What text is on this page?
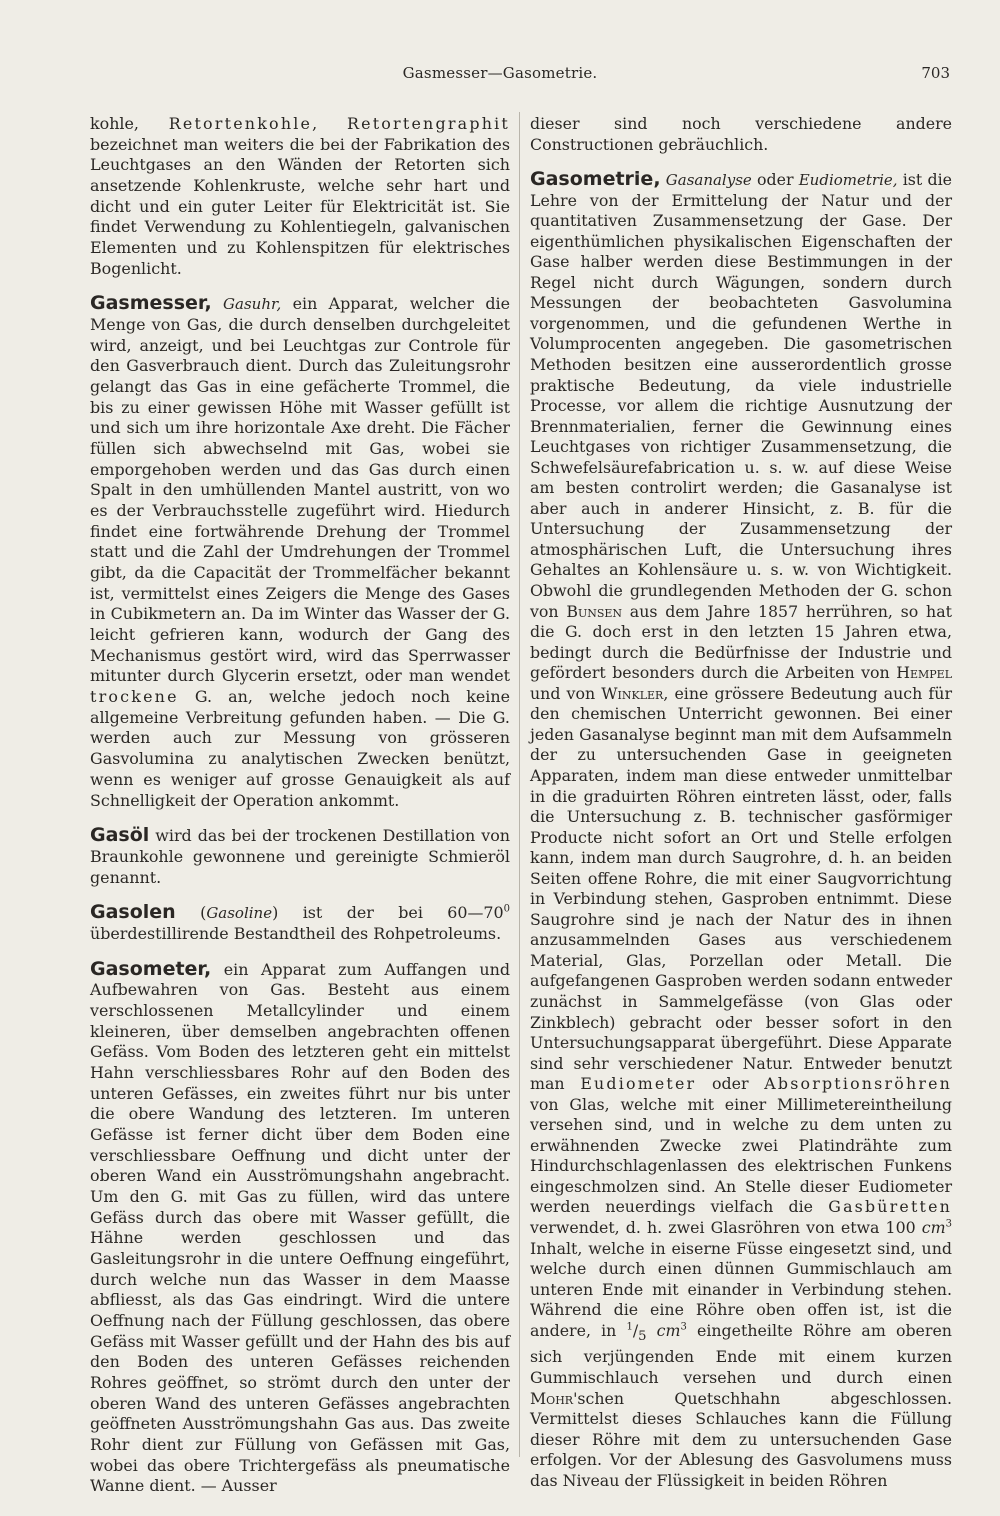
Gasmesser—Gasometrie.	703

kohle, Retortenkohle, Retortengraphit bezeichnet man weiters die bei der Fabrikation des Leuchtgases an den Wänden der Retorten sich ansetzende Kohlenkruste, welche sehr hart und dicht und ein guter Leiter für Elektricität ist. Sie findet Verwendung zu Kohlentiegeln, galvanischen Elementen und zu Kohlenspitzen für elektrisches Bogenlicht.

Gasmesser, Gasuhr, ein Apparat, welcher die Menge von Gas, die durch denselben durchgeleitet wird, anzeigt, und bei Leuchtgas zur Controle für den Gasverbrauch dient. Durch das Zuleitungsrohr gelangt das Gas in eine gefächerte Trommel, die bis zu einer gewissen Höhe mit Wasser gefüllt ist und sich um ihre horizontale Axe dreht. Die Fächer füllen sich abwechselnd mit Gas, wobei sie emporgehoben werden und das Gas durch einen Spalt in den umhüllenden Mantel austritt, von wo es der Verbrauchsstelle zugeführt wird. Hiedurch findet eine fortwährende Drehung der Trommel statt und die Zahl der Umdrehungen der Trommel gibt, da die Capacität der Trommelfächer bekannt ist, vermittelst eines Zeigers die Menge des Gases in Cubikmetern an. Da im Winter das Wasser der G. leicht gefrieren kann, wodurch der Gang des Mechanismus gestört wird, wird das Sperrwasser mitunter durch Glycerin ersetzt, oder man wendet trockene G. an, welche jedoch noch keine allgemeine Verbreitung gefunden haben. — Die G. werden auch zur Messung von grösseren Gasvolumina zu analytischen Zwecken benützt, wenn es weniger auf grosse Genauigkeit als auf Schnelligkeit der Operation ankommt.

Gasöl wird das bei der trockenen Destillation von Braunkohle gewonnene und gereinigte Schmieröl genannt.

Gasolen (Gasoline) ist der bei $60—70^0$ überdestillirende Bestandtheil des Rohpetroleums.

Gasometer, ein Apparat zum Auffangen und Aufbewahren von Gas. Besteht aus einem verschlossenen Metallcylinder und einem kleineren, über demselben angebrachten offenen Gefäss. Vom Boden des letzteren geht ein mittelst Hahn verschliessbares Rohr auf den Boden des unteren Gefässes, ein zweites führt nur bis unter die obere Wandung des letzteren. Im unteren Gefässe ist ferner dicht über dem Boden eine verschliessbare Oeffnung und dicht unter der oberen Wand ein Ausströmungshahn angebracht. Um den G. mit Gas zu füllen, wird das untere Gefäss durch das obere mit Wasser gefüllt, die Hähne werden geschlossen und das Gasleitungsrohr in die untere Oeffnung eingeführt, durch welche nun das Wasser in dem Maasse abfliesst, als das Gas eindringt. Wird die untere Oeffnung nach der Füllung geschlossen, das obere Gefäss mit Wasser gefüllt und der Hahn des bis auf den Boden des unteren Gefässes reichenden Rohres geöffnet, so strömt durch den unter der oberen Wand des unteren Gefässes angebrachten geöffneten Ausströmungshahn Gas aus. Das zweite Rohr dient zur Füllung von Gefässen mit Gas, wobei das obere Trichtergefäss als pneumatische Wanne dient. — Ausser

dieser sind noch verschiedene andere Constructionen gebräuchlich.

Gasometrie, Gasanalyse oder Eudiometrie, ist die Lehre von der Ermittelung der Natur und der quantitativen Zusammensetzung der Gase. Der eigenthümlichen physikalischen Eigenschaften der Gase halber werden diese Bestimmungen in der Regel nicht durch Wägungen, sondern durch Messungen der beobachteten Gasvolumina vorgenommen, und die gefundenen Werthe in Volumprocenten angegeben. Die gasometrischen Methoden besitzen eine ausserordentlich grosse praktische Bedeutung, da viele industrielle Processe, vor allem die richtige Ausnutzung der Brennmaterialien, ferner die Gewinnung eines Leuchtgases von richtiger Zusammensetzung, die Schwefelsäurefabrication u. s. w. auf diese Weise am besten controlirt werden; die Gasanalyse ist aber auch in anderer Hinsicht, z. B. für die Untersuchung der Zusammensetzung der atmosphärischen Luft, die Untersuchung ihres Gehaltes an Kohlensäure u. s. w. von Wichtigkeit. Obwohl die grundlegenden Methoden der G. schon von Bunsen aus dem Jahre 1857 herrühren, so hat die G. doch erst in den letzten 15 Jahren etwa, bedingt durch die Bedürfnisse der Industrie und gefördert besonders durch die Arbeiten von Hempel und von Winkler, eine grössere Bedeutung auch für den chemischen Unterricht gewonnen. Bei einer jeden Gasanalyse beginnt man mit dem Aufsammeln der zu untersuchenden Gase in geeigneten Apparaten, indem man diese entweder unmittelbar in die graduirten Röhren eintreten lässt, oder, falls die Untersuchung z. B. technischer gasförmiger Producte nicht sofort an Ort und Stelle erfolgen kann, indem man durch Saugrohre, d. h. an beiden Seiten offene Rohre, die mit einer Saugvorrichtung in Verbindung stehen, Gasproben entnimmt. Diese Saugrohre sind je nach der Natur des in ihnen anzusammelnden Gases aus verschiedenem Material, Glas, Porzellan oder Metall. Die aufgefangenen Gasproben werden sodann entweder zunächst in Sammelgefässe (von Glas oder Zinkblech) gebracht oder besser sofort in den Untersuchungsapparat übergeführt. Diese Apparate sind sehr verschiedener Natur. Entweder benutzt man Eudiometer oder Absorptionsröhren von Glas, welche mit einer Millimetereintheilung versehen sind, und in welche zu dem unten zu erwähnenden Zwecke zwei Platindrähte zum Hindurchschlagenlassen des elektrischen Funkens eingeschmolzen sind. An Stelle dieser Eudiometer werden neuerdings vielfach die Gasbüretten verwendet, d. h. zwei Glasröhren von etwa 100 $cm^3$ Inhalt, welche in eiserne Füsse eingesetzt sind, und welche durch einen dünnen Gummischlauch am unteren Ende mit einander in Verbindung stehen. Während die eine Röhre oben offen ist, ist die andere, in $^1/_5$ $cm^3$ eingetheilte Röhre am oberen sich verjüngenden Ende mit einem kurzen Gummischlauch versehen und durch einen Mohr'schen Quetschhahn abgeschlossen. Vermittelst dieses Schlauches kann die Füllung dieser Röhre mit dem zu untersuchenden Gase erfolgen. Vor der Ablesung des Gasvolumens muss das Niveau der Flüssigkeit in beiden Röhren
